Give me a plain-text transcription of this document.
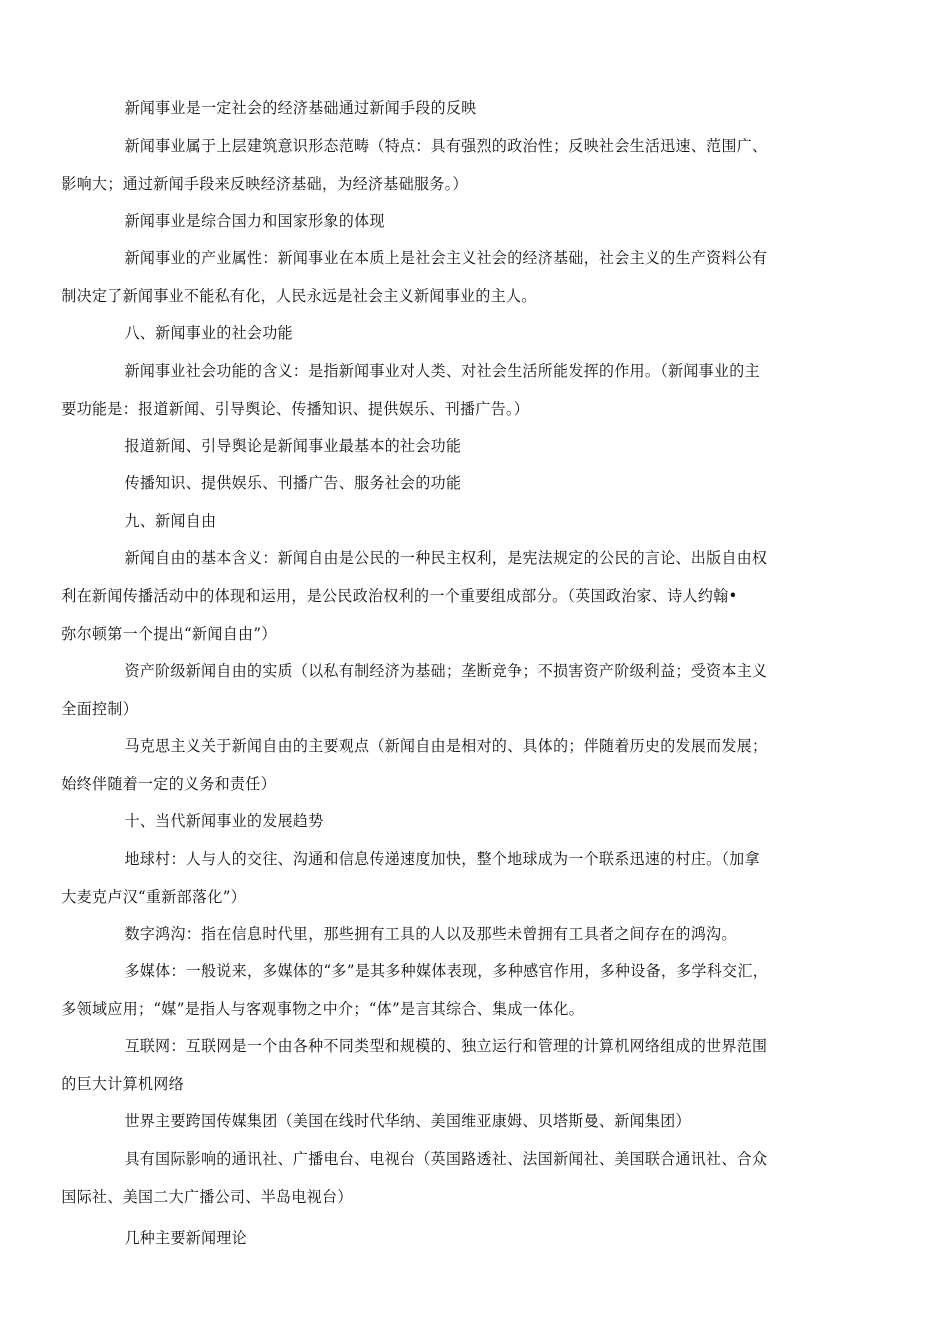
新闻事业是一定社会的经济基础通过新闻手段的反映

新闻事业属于上层建筑意识形态范畴（特点：具有强烈的政治性；反映社会生活迅速、范围广、
影响大；通过新闻手段来反映经济基础，为经济基础服务。）

新闻事业是综合国力和国家形象的体现

新闻事业的产业属性：新闻事业在本质上是社会主义社会的经济基础，社会主义的生产资料公有
制决定了新闻事业不能私有化，人民永远是社会主义新闻事业的主人。

八、新闻事业的社会功能

新闻事业社会功能的含义：是指新闻事业对人类、对社会生活所能发挥的作用。（新闻事业的主
要功能是：报道新闻、引导舆论、传播知识、提供娱乐、刊播广告。）

报道新闻、引导舆论是新闻事业最基本的社会功能

传播知识、提供娱乐、刊播广告、服务社会的功能

九、新闻自由

新闻自由的基本含义：新闻自由是公民的一种民主权利，是宪法规定的公民的言论、出版自由权
利在新闻传播活动中的体现和运用，是公民政治权利的一个重要组成部分。（英国政治家、诗人约翰•
弥尔顿第一个提出“新闻自由”）

资产阶级新闻自由的实质（以私有制经济为基础；垄断竞争；不损害资产阶级利益；受资本主义
全面控制）

马克思主义关于新闻自由的主要观点（新闻自由是相对的、具体的；伴随着历史的发展而发展；
始终伴随着一定的义务和责任）

十、当代新闻事业的发展趋势

地球村：人与人的交往、沟通和信息传递速度加快，整个地球成为一个联系迅速的村庄。（加拿
大麦克卢汉“重新部落化”）

数字鸿沟：指在信息时代里，那些拥有工具的人以及那些未曾拥有工具者之间存在的鸿沟。

多媒体：一般说来，多媒体的“多”是其多种媒体表现，多种感官作用，多种设备，多学科交汇，
多领域应用；“媒”是指人与客观事物之中介；“体”是言其综合、集成一体化。

互联网：互联网是一个由各种不同类型和规模的、独立运行和管理的计算机网络组成的世界范围
的巨大计算机网络

世界主要跨国传媒集团（美国在线时代华纳、美国维亚康姆、贝塔斯曼、新闻集团）

具有国际影响的通讯社、广播电台、电视台（英国路透社、法国新闻社、美国联合通讯社、合众
国际社、美国二大广播公司、半岛电视台）

几种主要新闻理论
